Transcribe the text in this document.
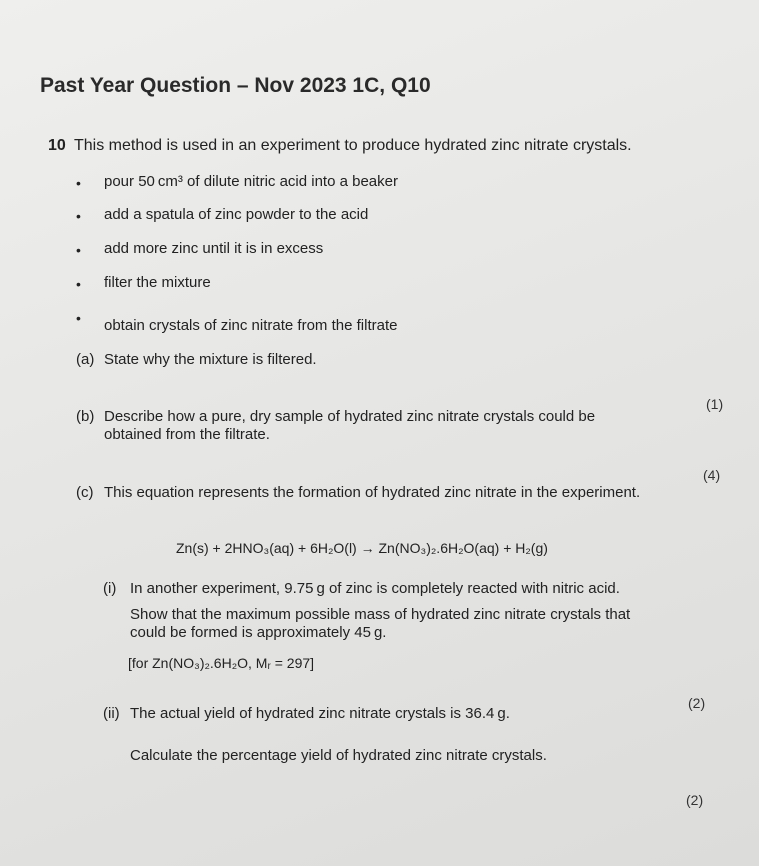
Past Year Question – Nov 2023 1C, Q10
10 This method is used in an experiment to produce hydrated zinc nitrate crystals.
• pour 50 cm³ of dilute nitric acid into a beaker
• add a spatula of zinc powder to the acid
• add more zinc until it is in excess
• filter the mixture
• obtain crystals of zinc nitrate from the filtrate
(a) State why the mixture is filtered.
(1)
(b) Describe how a pure, dry sample of hydrated zinc nitrate crystals could be
obtained from the filtrate.
(4)
(c) This equation represents the formation of hydrated zinc nitrate in the experiment.
Zn(s) + 2HNO₃(aq) + 6H₂O(l) → Zn(NO₃)₂.6H₂O(aq) + H₂(g)
(i) In another experiment, 9.75 g of zinc is completely reacted with nitric acid.
Show that the maximum possible mass of hydrated zinc nitrate crystals that
could be formed is approximately 45 g.
[for Zn(NO₃)₂.6H₂O, Mᵣ = 297]
(2)
(ii) The actual yield of hydrated zinc nitrate crystals is 36.4 g.
Calculate the percentage yield of hydrated zinc nitrate crystals.
(2)
